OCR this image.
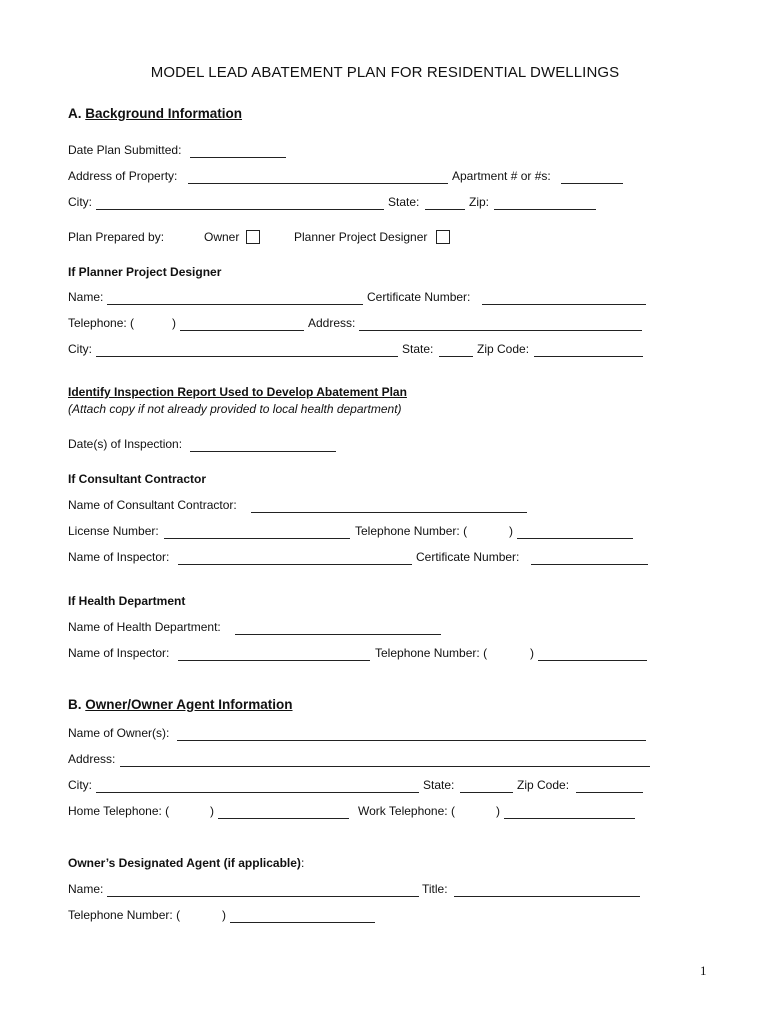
MODEL LEAD ABATEMENT PLAN FOR RESIDENTIAL DWELLINGS
A. Background Information
Date Plan Submitted:
Address of Property:	Apartment # or #s:
City:	State:	Zip:
Plan Prepared by:	Owner	Planner Project Designer
If Planner Project Designer
Name:	Certificate Number:
Telephone: (	)	Address:
City:	State:	Zip Code:
Identify Inspection Report Used to Develop Abatement Plan
(Attach copy if not already provided to local health department)
Date(s) of Inspection:
If Consultant Contractor
Name of Consultant Contractor:
License Number:	Telephone Number: (	)
Name of Inspector:	Certificate Number:
If Health Department
Name of Health Department:
Name of Inspector:	Telephone Number: (	)
B. Owner/Owner Agent Information
Name of Owner(s):
Address:
City:	State:	Zip Code:
Home Telephone: (	)	Work Telephone: (	)
Owner’s Designated Agent (if applicable):
Name:	Title:
Telephone Number: (	)
1
